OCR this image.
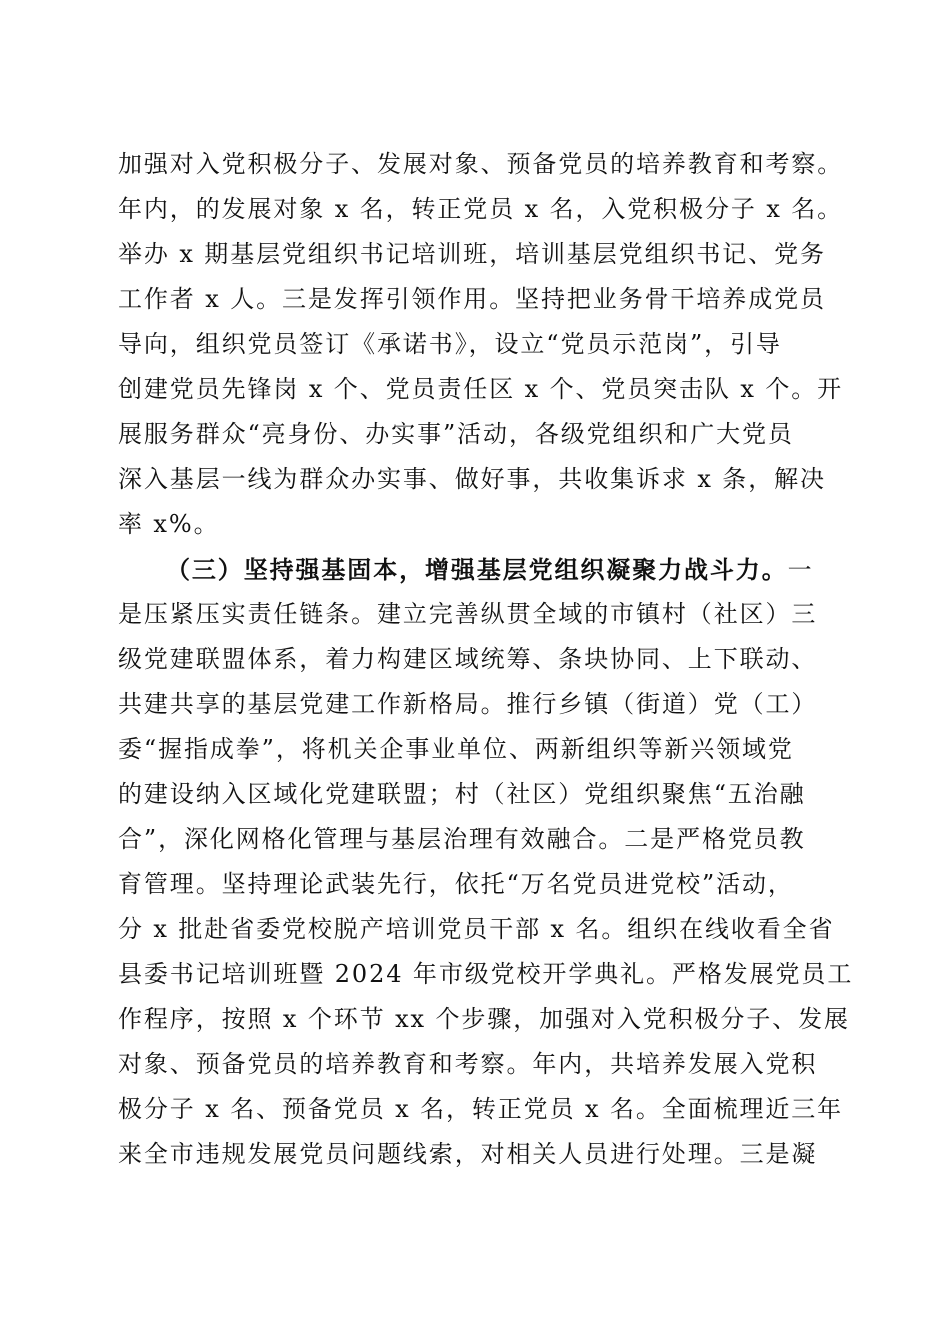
加强对入党积极分子、发展对象、预备党员的培养教育和考察。
年内，的发展对象 x 名，转正党员 x 名，入党积极分子 x 名。
举办 x 期基层党组织书记培训班，培训基层党组织书记、党务
工作者 x 人。三是发挥引领作用。坚持把业务骨干培养成党员
导向，组织党员签订《承诺书》，设立“党员示范岗”，引导
创建党员先锋岗 x 个、党员责任区 x 个、党员突击队 x 个。开
展服务群众“亮身份、办实事”活动，各级党组织和广大党员
深入基层一线为群众办实事、做好事，共收集诉求 x 条，解决
率 x%。
（三）坚持强基固本，增强基层党组织凝聚力战斗力。一
是压紧压实责任链条。建立完善纵贯全域的市镇村（社区）三
级党建联盟体系，着力构建区域统筹、条块协同、上下联动、
共建共享的基层党建工作新格局。推行乡镇（街道）党（工）
委“握指成拳”，将机关企事业单位、两新组织等新兴领域党
的建设纳入区域化党建联盟；村（社区）党组织聚焦“五治融
合”，深化网格化管理与基层治理有效融合。二是严格党员教
育管理。坚持理论武装先行，依托“万名党员进党校”活动，
分 x 批赴省委党校脱产培训党员干部 x 名。组织在线收看全省
县委书记培训班暨 2024 年市级党校开学典礼。严格发展党员工
作程序，按照 x 个环节 xx 个步骤，加强对入党积极分子、发展
对象、预备党员的培养教育和考察。年内，共培养发展入党积
极分子 x 名、预备党员 x 名，转正党员 x 名。全面梳理近三年
来全市违规发展党员问题线索，对相关人员进行处理。三是凝
